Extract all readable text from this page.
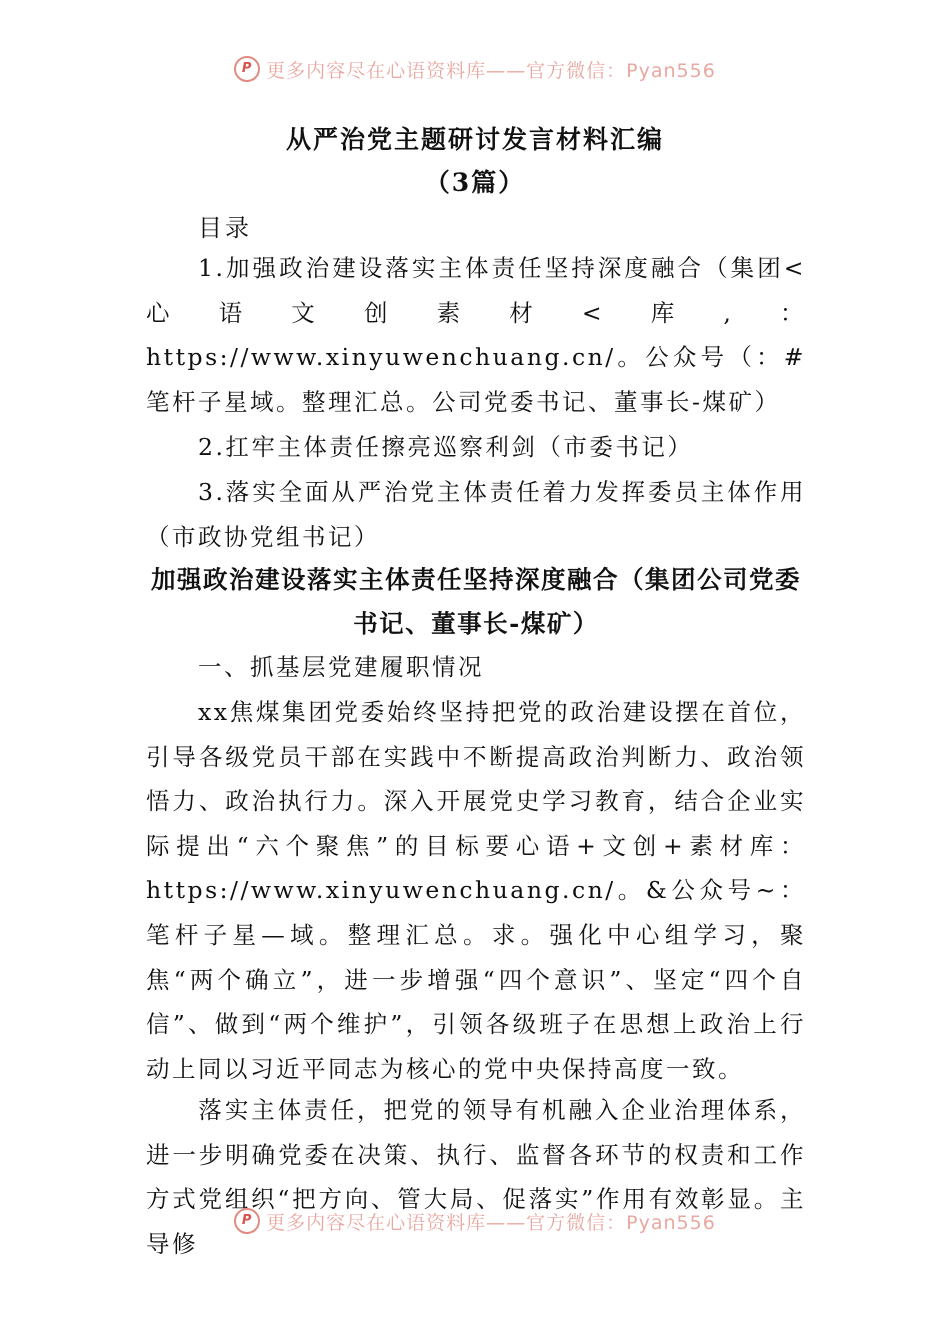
P 更多内容尽在心语资料库——官方微信：Pyan556
从严治党主题研讨发言材料汇编
（3篇）
目录

1.加强政治建设落实主体责任坚持深度融合（集团<心语文创素材<库,：https://www.xinyuwenchuang.cn/。公众号（：#笔杆子星域。整理汇总。公司党委书记、董事长-煤矿）

2.扛牢主体责任擦亮巡察利剑（市委书记）

3.落实全面从严治党主体责任着力发挥委员主体作用（市政协党组书记）

加强政治建设落实主体责任坚持深度融合（集团公司党委书记、董事长-煤矿）

一、抓基层党建履职情况

xx焦煤集团党委始终坚持把党的政治建设摆在首位，引导各级党员干部在实践中不断提高政治判断力、政治领悟力、政治执行力。深入开展党史学习教育，结合企业实际提出“六个聚焦”的目标要心语+文创+素材库：https://www.xinyuwenchuang.cn/。&公众号~：笔杆子星—域。整理汇总。求。强化中心组学习，聚焦“两个确立”，进一步增强“四个意识”、坚定“四个自信”、做到“两个维护”，引领各级班子在思想上政治上行动上同以习近平同志为核心的党中央保持高度一致。

落实主体责任，把党的领导有机融入企业治理体系，进一步明确党委在决策、执行、监督各环节的权责和工作方式党组织“把方向、管大局、促落实”作用有效彰显。主导修

P 更多内容尽在心语资料库——官方微信：Pyan556
